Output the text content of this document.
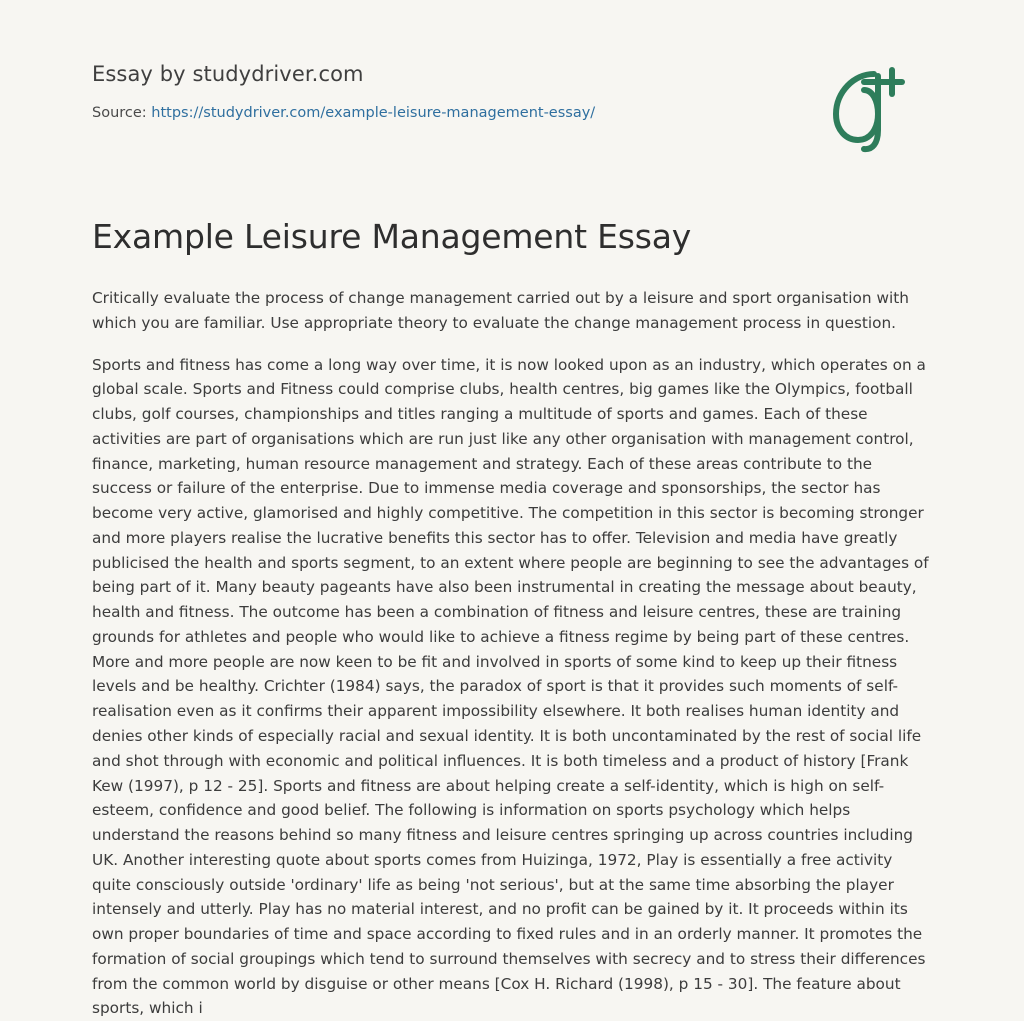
Essay by studydriver.com
Source: https://studydriver.com/example-leisure-management-essay/
Example Leisure Management Essay

Critically evaluate the process of change management carried out by a leisure and sport organisation with which you are familiar. Use appropriate theory to evaluate the change management process in question.

Sports and fitness has come a long way over time, it is now looked upon as an industry, which operates on a global scale. Sports and Fitness could comprise clubs, health centres, big games like the Olympics, football clubs, golf courses, championships and titles ranging a multitude of sports and games. Each of these activities are part of organisations which are run just like any other organisation with management control, finance, marketing, human resource management and strategy. Each of these areas contribute to the success or failure of the enterprise. Due to immense media coverage and sponsorships, the sector has become very active, glamorised and highly competitive. The competition in this sector is becoming stronger and more players realise the lucrative benefits this sector has to offer. Television and media have greatly publicised the health and sports segment, to an extent where people are beginning to see the advantages of being part of it. Many beauty pageants have also been instrumental in creating the message about beauty, health and fitness. The outcome has been a combination of fitness and leisure centres, these are training grounds for athletes and people who would like to achieve a fitness regime by being part of these centres. More and more people are now keen to be fit and involved in sports of some kind to keep up their fitness levels and be healthy. Crichter (1984) says, the paradox of sport is that it provides such moments of self-realisation even as it confirms their apparent impossibility elsewhere. It both realises human identity and denies other kinds of especially racial and sexual identity. It is both uncontaminated by the rest of social life and shot through with economic and political influences. It is both timeless and a product of history [Frank Kew (1997), p 12 - 25]. Sports and fitness are about helping create a self-identity, which is high on self-esteem, confidence and good belief. The following is information on sports psychology which helps understand the reasons behind so many fitness and leisure centres springing up across countries including UK. Another interesting quote about sports comes from Huizinga, 1972, Play is essentially a free activity quite consciously outside 'ordinary' life as being 'not serious', but at the same time absorbing the player intensely and utterly. Play has no material interest, and no profit can be gained by it. It proceeds within its own proper boundaries of time and space according to fixed rules and in an orderly manner. It promotes the formation of social groupings which tend to surround themselves with secrecy and to stress their differences from the common world by disguise or other means [Cox H. Richard (1998), p 15 - 30]. The feature about sports, which i
